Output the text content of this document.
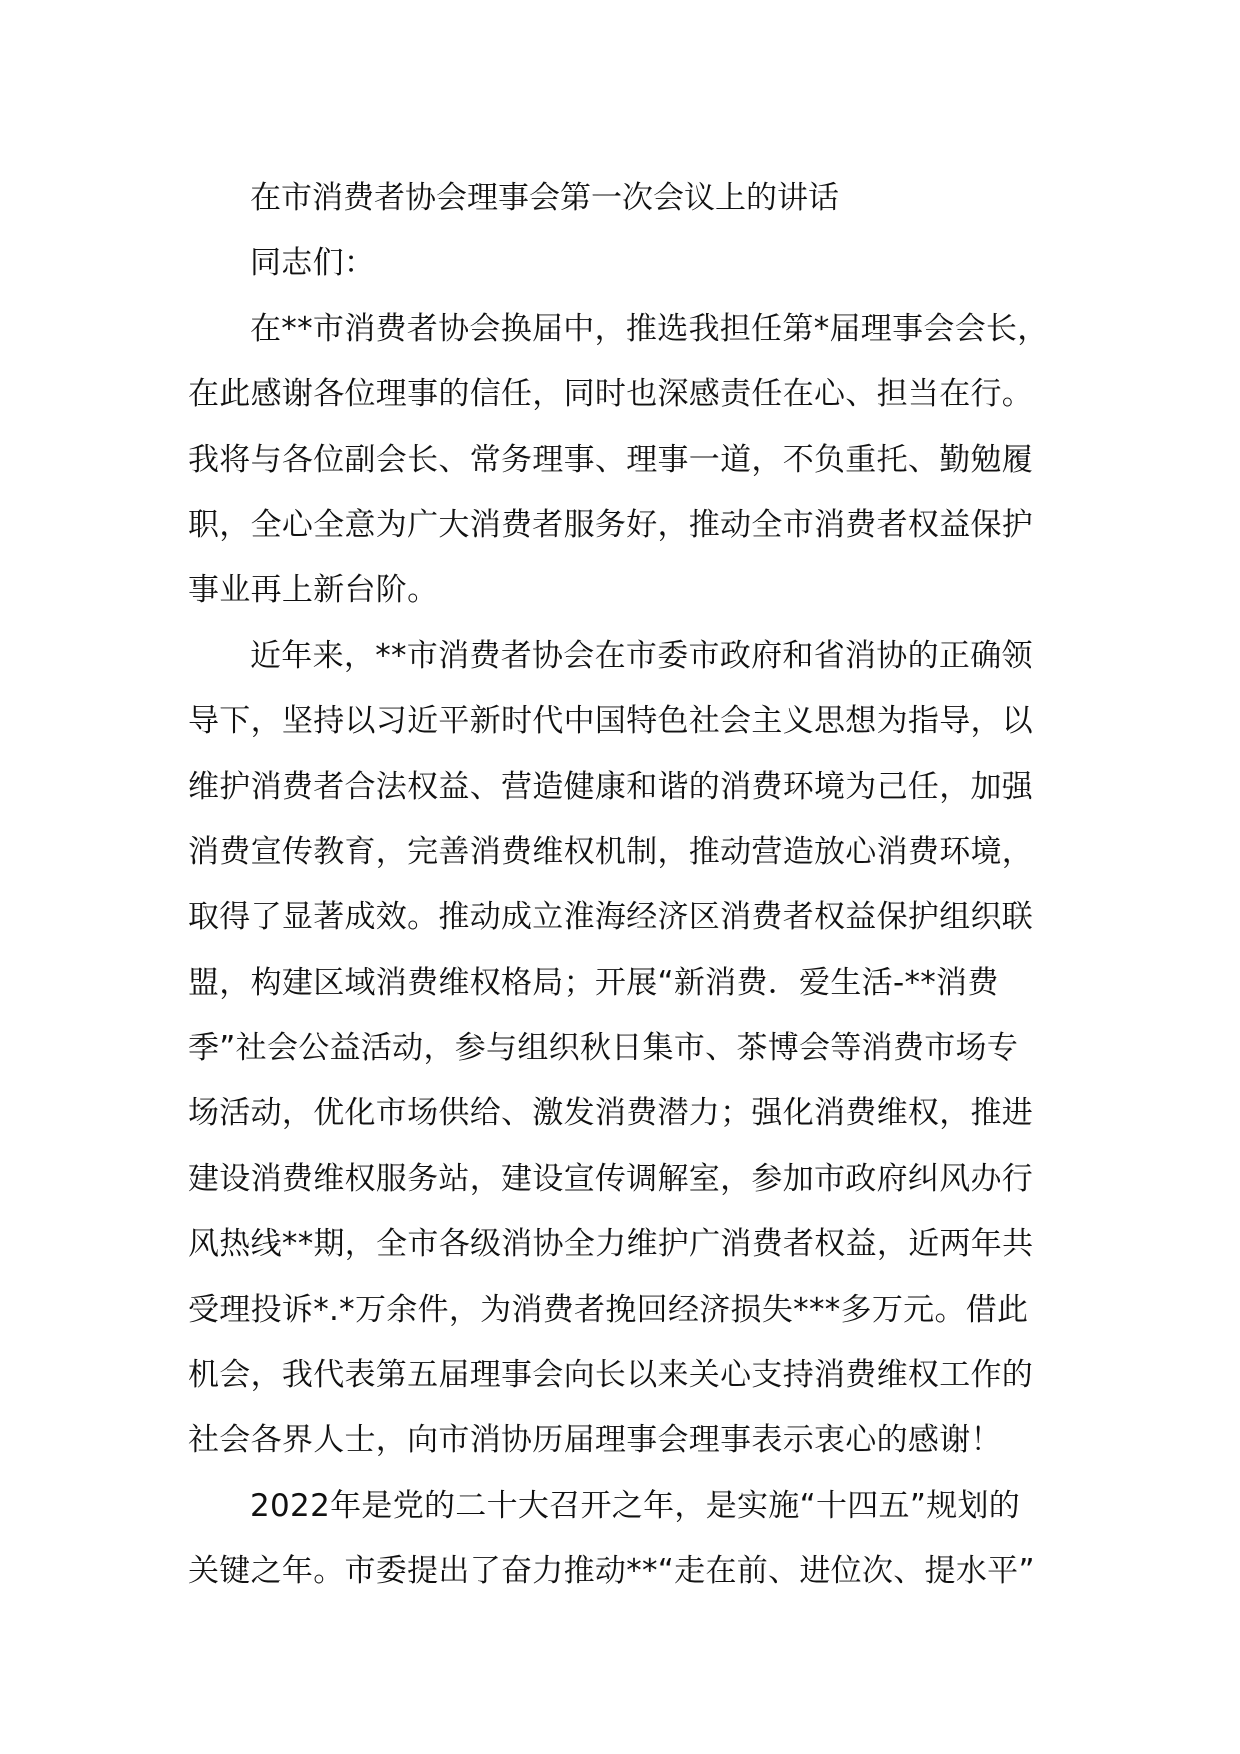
在市消费者协会理事会第一次会议上的讲话
同志们：
在**市消费者协会换届中，推选我担任第*届理事会会长，
在此感谢各位理事的信任，同时也深感责任在心、担当在行。
我将与各位副会长、常务理事、理事一道，不负重托、勤勉履
职，全心全意为广大消费者服务好，推动全市消费者权益保护
事业再上新台阶。
近年来，**市消费者协会在市委市政府和省消协的正确领
导下，坚持以习近平新时代中国特色社会主义思想为指导，以
维护消费者合法权益、营造健康和谐的消费环境为己任，加强
消费宣传教育，完善消费维权机制，推动营造放心消费环境，
取得了显著成效。推动成立淮海经济区消费者权益保护组织联
盟，构建区域消费维权格局；开展“新消费．爱生活-**消费
季”社会公益活动，参与组织秋日集市、茶博会等消费市场专
场活动，优化市场供给、激发消费潜力；强化消费维权，推进
建设消费维权服务站，建设宣传调解室，参加市政府纠风办行
风热线**期，全市各级消协全力维护广消费者权益，近两年共
受理投诉*.*万余件，为消费者挽回经济损失***多万元。借此
机会，我代表第五届理事会向长以来关心支持消费维权工作的
社会各界人士，向市消协历届理事会理事表示衷心的感谢！
2022年是党的二十大召开之年，是实施“十四五”规划的
关键之年。市委提出了奋力推动**“走在前、进位次、提水平”
